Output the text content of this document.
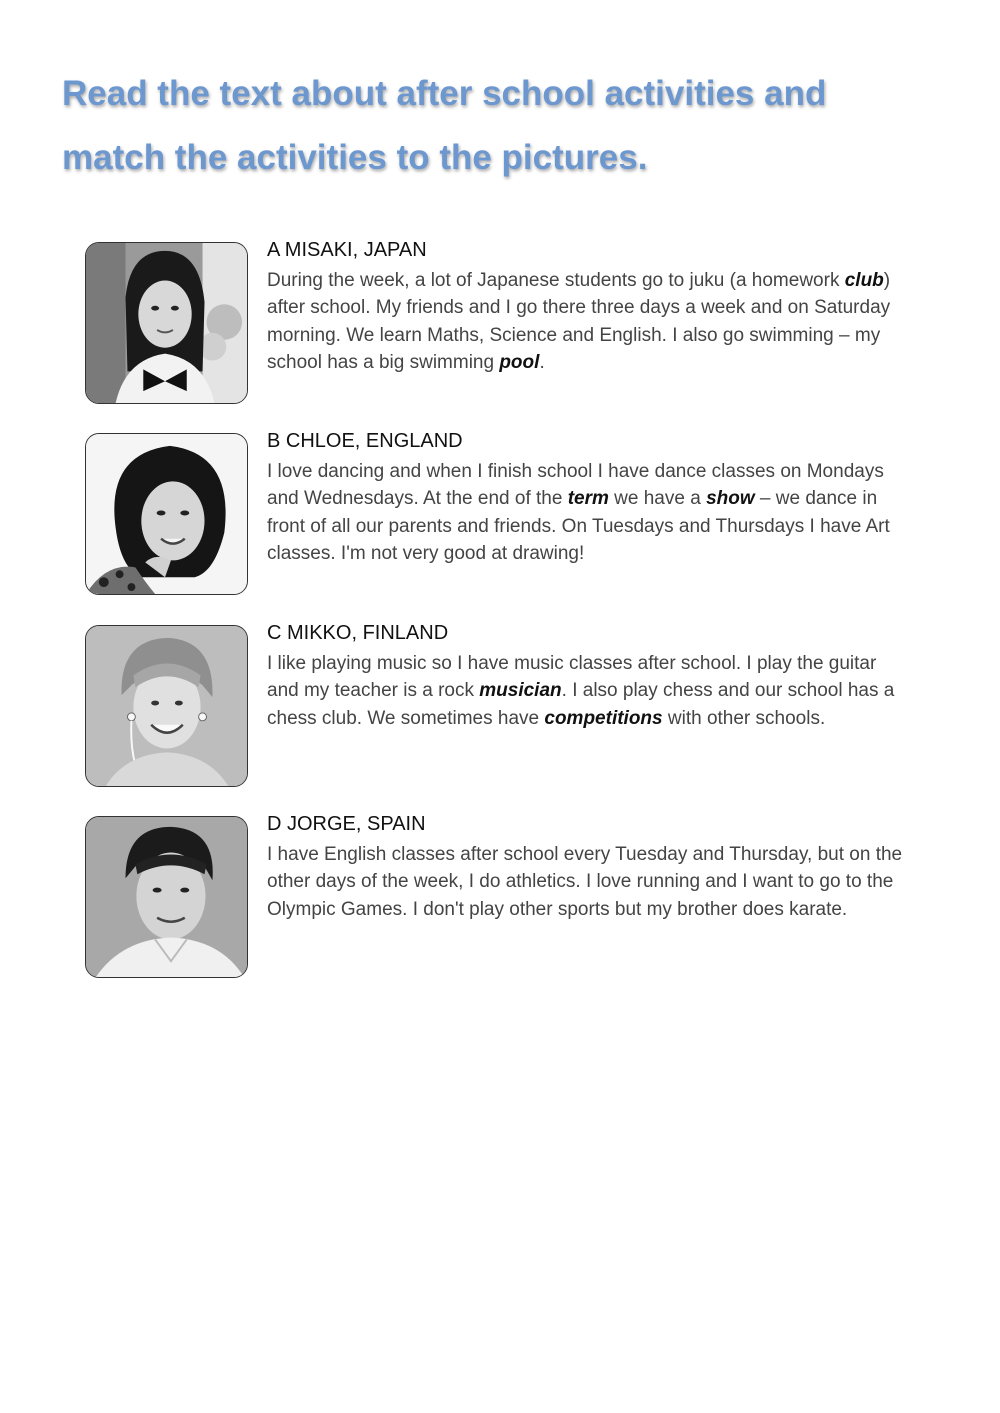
Read the text about after school activities and
match the activities to the pictures.

A MISAKI, JAPAN

During the week, a lot of Japanese students go to juku (a homework club) after school. My friends and I go there three days a week and on Saturday morning. We learn Maths, Science and English. I also go swimming – my school has a big swimming pool.

B CHLOE, ENGLAND

I love dancing and when I finish school I have dance classes on Mondays and Wednesdays. At the end of the term we have a show – we dance in front of all our parents and friends. On Tuesdays and Thursdays I have Art classes. I'm not very good at drawing!

C MIKKO, FINLAND

I like playing music so I have music classes after school. I play the guitar and my teacher is a rock musician. I also play chess and our school has a chess club. We sometimes have competitions with other schools.

D JORGE, SPAIN

I have English classes after school every Tuesday and Thursday, but on the other days of the week, I do athletics. I love running and I want to go to the Olympic Games. I don't play other sports but my brother does karate.
